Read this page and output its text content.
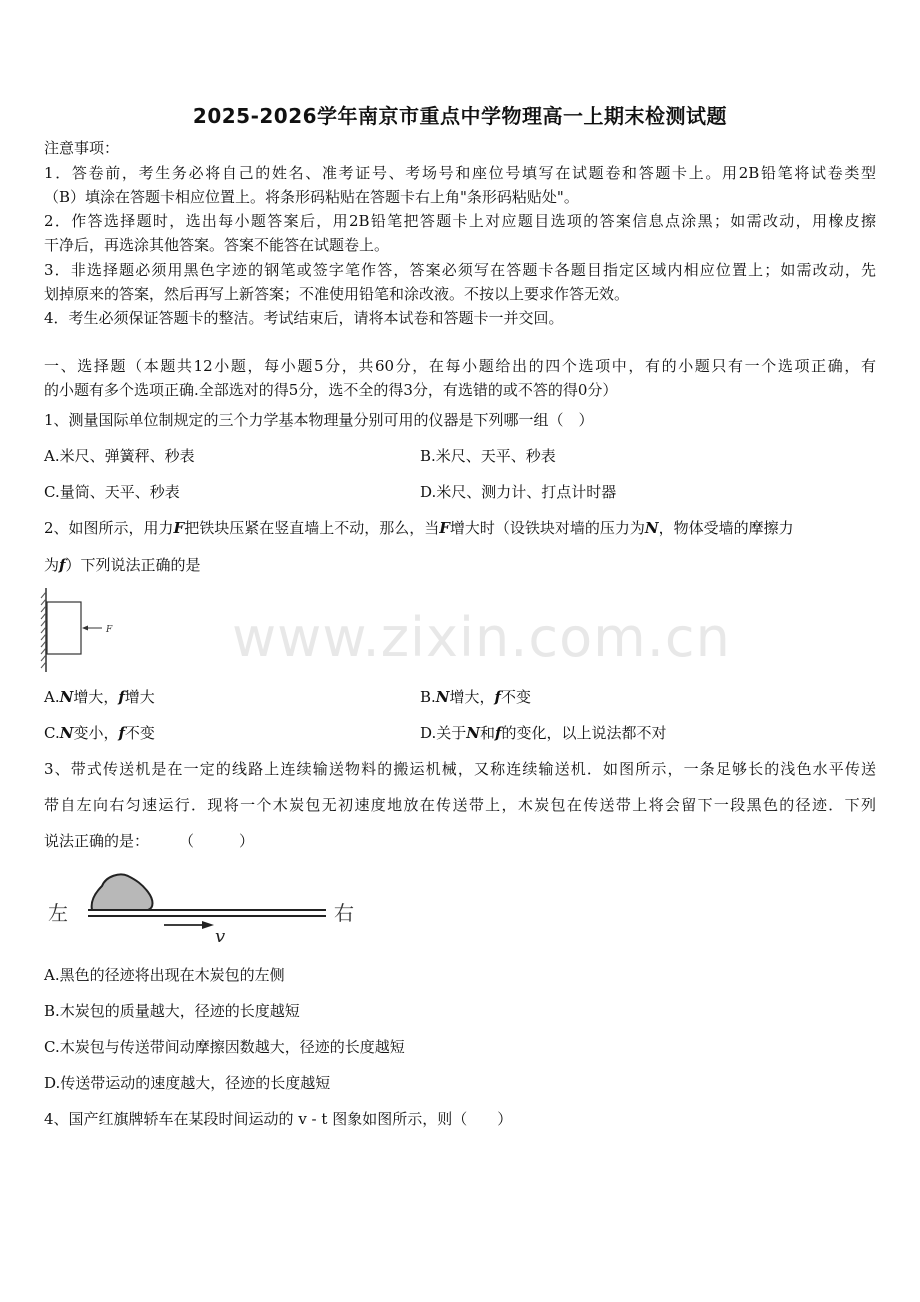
2025-2026学年南京市重点中学物理高一上期末检测试题
注意事项：
1．答卷前，考生务必将自己的姓名、准考证号、考场号和座位号填写在试题卷和答题卡上。用2B铅笔将试卷类型
（B）填涂在答题卡相应位置上。将条形码粘贴在答题卡右上角"条形码粘贴处"。
2．作答选择题时，选出每小题答案后，用2B铅笔把答题卡上对应题目选项的答案信息点涂黑；如需改动，用橡皮擦
干净后，再选涂其他答案。答案不能答在试题卷上。
3．非选择题必须用黑色字迹的钢笔或签字笔作答，答案必须写在答题卡各题目指定区域内相应位置上；如需改动，先
划掉原来的答案，然后再写上新答案；不准使用铅笔和涂改液。不按以上要求作答无效。
4．考生必须保证答题卡的整洁。考试结束后，请将本试卷和答题卡一并交回。
一、选择题（本题共12小题，每小题5分，共60分，在每小题给出的四个选项中，有的小题只有一个选项正确，有
的小题有多个选项正确.全部选对的得5分，选不全的得3分，有选错的或不答的得0分）
1、测量国际单位制规定的三个力学基本物理量分别可用的仪器是下列哪一组（　）
A.米尺、弹簧秤、秒表	B.米尺、天平、秒表
C.量筒、天平、秒表	D.米尺、测力计、打点计时器
2、如图所示，用力F把铁块压紧在竖直墙上不动，那么，当F增大时（设铁块对墙的压力为N，物体受墙的摩擦力
为f）下列说法正确的是
F www.zixin.com.cn
A.N增大，f增大	B.N增大，f不变
C.N变小，f不变	D.关于N和f的变化，以上说法都不对
3、带式传送机是在一定的线路上连续输送物料的搬运机械，又称连续输送机．如图所示，一条足够长的浅色水平传送
带自左向右匀速运行．现将一个木炭包无初速度地放在传送带上，木炭包在传送带上将会留下一段黑色的径迹．下列
说法正确的是：　　　（　　　）
左	右
v
A.黑色的径迹将出现在木炭包的左侧
B.木炭包的质量越大，径迹的长度越短
C.木炭包与传送带间动摩擦因数越大，径迹的长度越短
D.传送带运动的速度越大，径迹的长度越短
4、国产红旗牌轿车在某段时间运动的 v - t 图象如图所示，则（　　）
